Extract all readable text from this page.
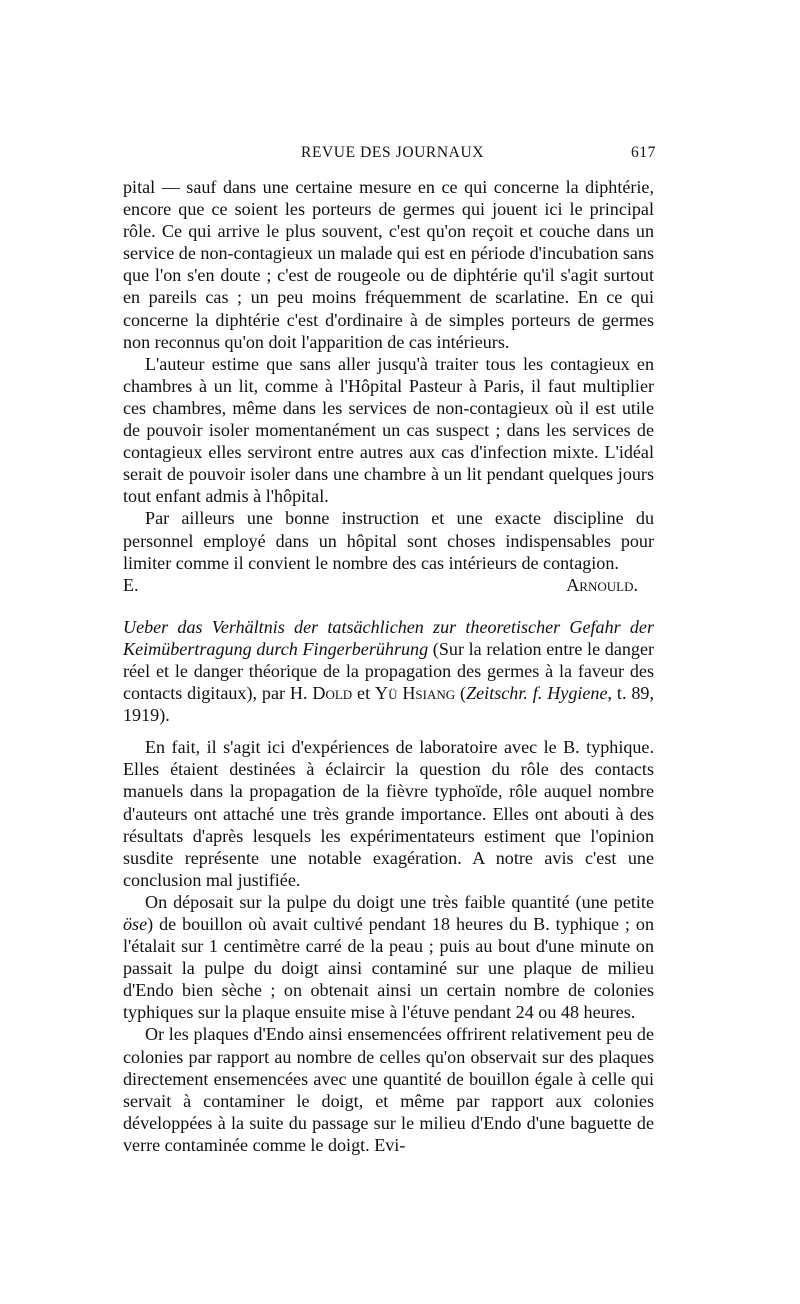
REVUE DES JOURNAUX	617

pital — sauf dans une certaine mesure en ce qui concerne la diphtérie, encore que ce soient les porteurs de germes qui jouent ici le principal rôle. Ce qui arrive le plus souvent, c'est qu'on reçoit et couche dans un service de non-contagieux un malade qui est en période d'incubation sans que l'on s'en doute ; c'est de rougeole ou de diphtérie qu'il s'agit surtout en pareils cas ; un peu moins fréquemment de scarlatine. En ce qui concerne la diphtérie c'est d'ordinaire à de simples porteurs de germes non reconnus qu'on doit l'apparition de cas intérieurs.

L'auteur estime que sans aller jusqu'à traiter tous les contagieux en chambres à un lit, comme à l'Hôpital Pasteur à Paris, il faut multiplier ces chambres, même dans les services de non-contagieux où il est utile de pouvoir isoler momentanément un cas suspect ; dans les services de contagieux elles serviront entre autres aux cas d'infection mixte. L'idéal serait de pouvoir isoler dans une chambre à un lit pendant quelques jours tout enfant admis à l'hôpital.

Par ailleurs une bonne instruction et une exacte discipline du personnel employé dans un hôpital sont choses indispensables pour limiter comme il convient le nombre des cas intérieurs de contagion.

E. Arnould.

Ueber das Verhältnis der tatsächlichen zur theoretischer Gefahr der Keimübertragung durch Fingerberührung (Sur la relation entre le danger réel et le danger théorique de la propagation des germes à la faveur des contacts digitaux), par H. Dold et Yü Hsiang (Zeitschr. f. Hygiene, t. 89, 1919).

En fait, il s'agit ici d'expériences de laboratoire avec le B. typhique. Elles étaient destinées à éclaircir la question du rôle des contacts manuels dans la propagation de la fièvre typhoïde, rôle auquel nombre d'auteurs ont attaché une très grande importance. Elles ont abouti à des résultats d'après lesquels les expérimentateurs estiment que l'opinion susdite représente une notable exagération. A notre avis c'est une conclusion mal justifiée.

On déposait sur la pulpe du doigt une très faible quantité (une petite öse) de bouillon où avait cultivé pendant 18 heures du B. typhique ; on l'étalait sur 1 centimètre carré de la peau ; puis au bout d'une minute on passait la pulpe du doigt ainsi contaminé sur une plaque de milieu d'Endo bien sèche ; on obtenait ainsi un certain nombre de colonies typhiques sur la plaque ensuite mise à l'étuve pendant 24 ou 48 heures.

Or les plaques d'Endo ainsi ensemencées offrirent relativement peu de colonies par rapport au nombre de celles qu'on observait sur des plaques directement ensemencées avec une quantité de bouillon égale à celle qui servait à contaminer le doigt, et même par rapport aux colonies développées à la suite du passage sur le milieu d'Endo d'une baguette de verre contaminée comme le doigt. Evi-
